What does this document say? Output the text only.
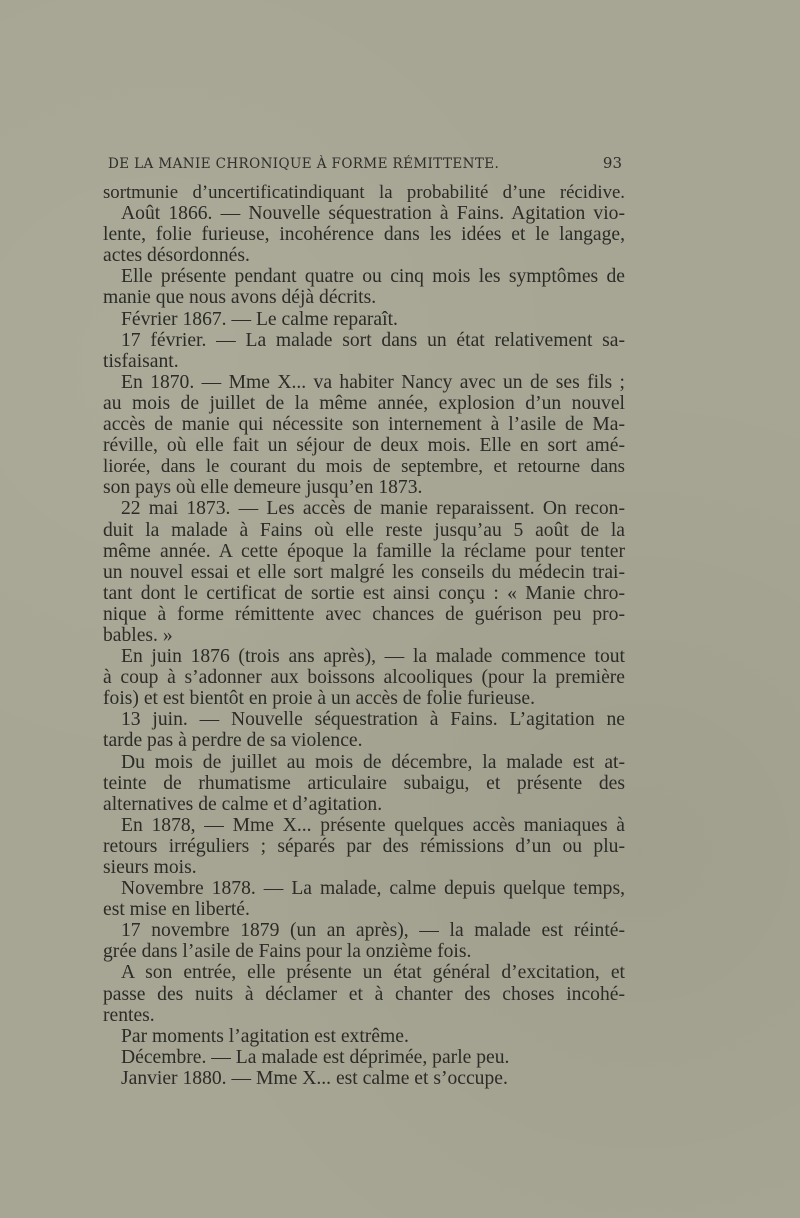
DE LA MANIE CHRONIQUE À FORME RÉMITTENTE.	93
sortmunie d’uncertificatindiquant la probabilité d’une récidive.
Août 1866. — Nouvelle séquestration à Fains. Agitation vio-
lente, folie furieuse, incohérence dans les idées et le langage,
actes désordonnés.
Elle présente pendant quatre ou cinq mois les symptômes de
manie que nous avons déjà décrits.
Février 1867. — Le calme reparaît.
17 février. — La malade sort dans un état relativement sa-
tisfaisant.
En 1870. — Mme X... va habiter Nancy avec un de ses fils ;
au mois de juillet de la même année, explosion d’un nouvel
accès de manie qui nécessite son internement à l’asile de Ma-
réville, où elle fait un séjour de deux mois. Elle en sort amé-
liorée, dans le courant du mois de septembre, et retourne dans
son pays où elle demeure jusqu’en 1873.
22 mai 1873. — Les accès de manie reparaissent. On recon-
duit la malade à Fains où elle reste jusqu’au 5 août de la
même année. A cette époque la famille la réclame pour tenter
un nouvel essai et elle sort malgré les conseils du médecin trai-
tant dont le certificat de sortie est ainsi conçu : « Manie chro-
nique à forme rémittente avec chances de guérison peu pro-
bables. »
En juin 1876 (trois ans après), — la malade commence tout
à coup à s’adonner aux boissons alcooliques (pour la première
fois) et est bientôt en proie à un accès de folie furieuse.
13 juin. — Nouvelle séquestration à Fains. L’agitation ne
tarde pas à perdre de sa violence.
Du mois de juillet au mois de décembre, la malade est at-
teinte de rhumatisme articulaire subaigu, et présente des
alternatives de calme et d’agitation.
En 1878, — Mme X... présente quelques accès maniaques à
retours irréguliers ; séparés par des rémissions d’un ou plu-
sieurs mois.
Novembre 1878. — La malade, calme depuis quelque temps,
est mise en liberté.
17 novembre 1879 (un an après), — la malade est réinté-
grée dans l’asile de Fains pour la onzième fois.
A son entrée, elle présente un état général d’excitation, et
passe des nuits à déclamer et à chanter des choses incohé-
rentes.
Par moments l’agitation est extrême.
Décembre. — La malade est déprimée, parle peu.
Janvier 1880. — Mme X... est calme et s’occupe.
